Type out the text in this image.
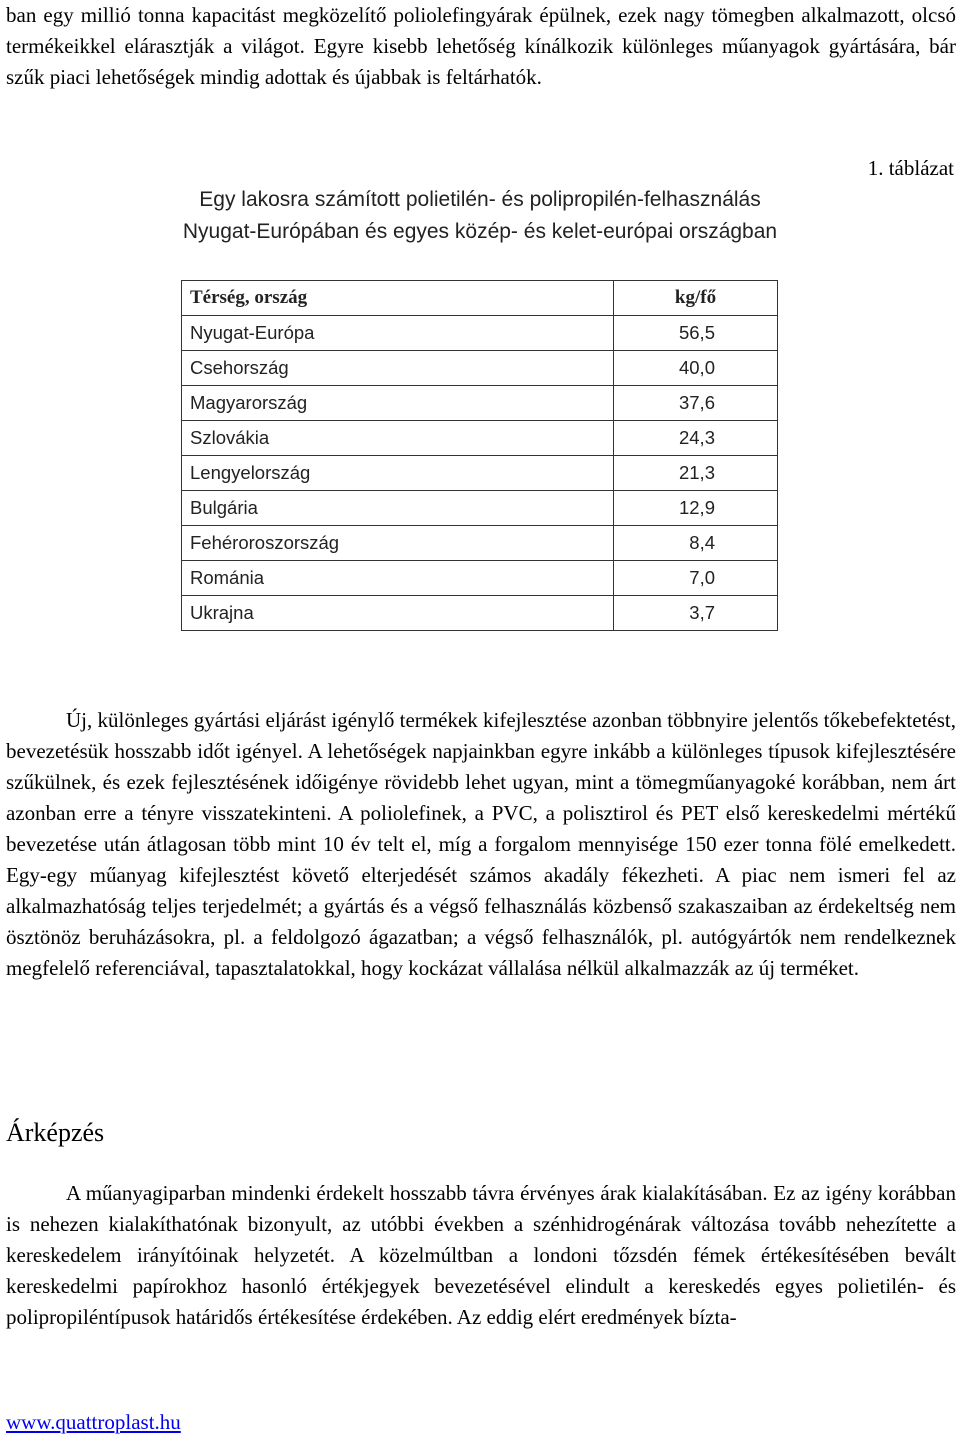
ban egy millió tonna kapacitást megközelítő poliolefingyárak épülnek, ezek nagy tömegben alkalmazott, olcsó termékeikkel elárasztják a világot. Egyre kisebb lehetőség kínálkozik különleges műanyagok gyártására, bár szűk piaci lehetőségek mindig adottak és újabbak is feltárhatók.

1. táblázat

Egy lakosra számított polietilén- és polipropilén-felhasználás
Nyugat-Európában és egyes közép- és kelet-európai országban
Térség, ország	kg/fő
Nyugat-Európa	56,5
Csehország	40,0
Magyarország	37,6
Szlovákia	24,3
Lengyelország	21,3
Bulgária	12,9
Fehéroroszország	8,4
Románia	7,0
Ukrajna	3,7

Új, különleges gyártási eljárást igénylő termékek kifejlesztése azonban többnyire jelentős tőkebefektetést, bevezetésük hosszabb időt igényel. A lehetőségek napjainkban egyre inkább a különleges típusok kifejlesztésére szűkülnek, és ezek fejlesztésének időigénye rövidebb lehet ugyan, mint a tömegműanyagoké korábban, nem árt azonban erre a tényre visszatekinteni. A poliolefinek, a PVC, a polisztirol és PET első kereskedelmi mértékű bevezetése után átlagosan több mint 10 év telt el, míg a forgalom mennyisége 150 ezer tonna fölé emelkedett. Egy-egy műanyag kifejlesztést követő elterjedését számos akadály fékezheti. A piac nem ismeri fel az alkalmazhatóság teljes terjedelmét; a gyártás és a végső felhasználás közbenső szakaszaiban az érdekeltség nem ösztönöz beruházásokra, pl. a feldolgozó ágazatban; a végső felhasználók, pl. autógyártók nem rendelkeznek megfelelő referenciával, tapasztalatokkal, hogy kockázat vállalása nélkül alkalmazzák az új terméket.

Árképzés

A műanyagiparban mindenki érdekelt hosszabb távra érvényes árak kialakításában. Ez az igény korábban is nehezen kialakíthatónak bizonyult, az utóbbi években a szénhidrogénárak változása tovább nehezítette a kereskedelem irányítóinak helyzetét. A közelmúltban a londoni tőzsdén fémek értékesítésében bevált kereskedelmi papírokhoz hasonló értékjegyek bevezetésével elindult a kereskedés egyes polietilén- és polipropiléntípusok határidős értékesítése érdekében. Az eddig elért eredmények bízta-

www.quattroplast.hu
